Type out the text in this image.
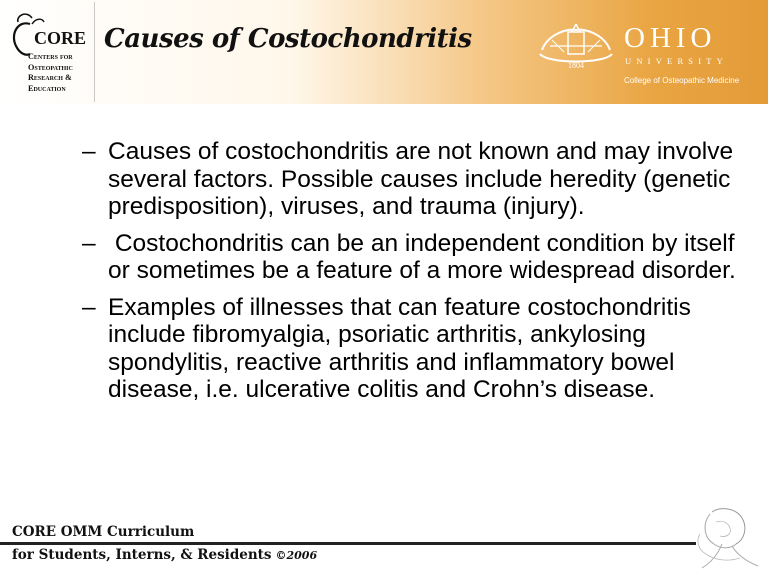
CORE
Centers for
Osteopathic
Research &
Education
Causes of Costochondritis
1804
OHIO
UNIVERSITY
College of Osteopathic Medicine
– Causes of costochondritis are not known and may involve several factors. Possible causes include heredity (genetic predisposition), viruses, and trauma (injury).
– Costochondritis can be an independent condition by itself or sometimes be a feature of a more widespread disorder.
– Examples of illnesses that can feature costochondritis include fibromyalgia, psoriatic arthritis, ankylosing spondylitis, reactive arthritis and inflammatory bowel disease, i.e. ulcerative colitis and Crohn’s disease.
CORE OMM Curriculum
for Students, Interns, & Residents ©2006
